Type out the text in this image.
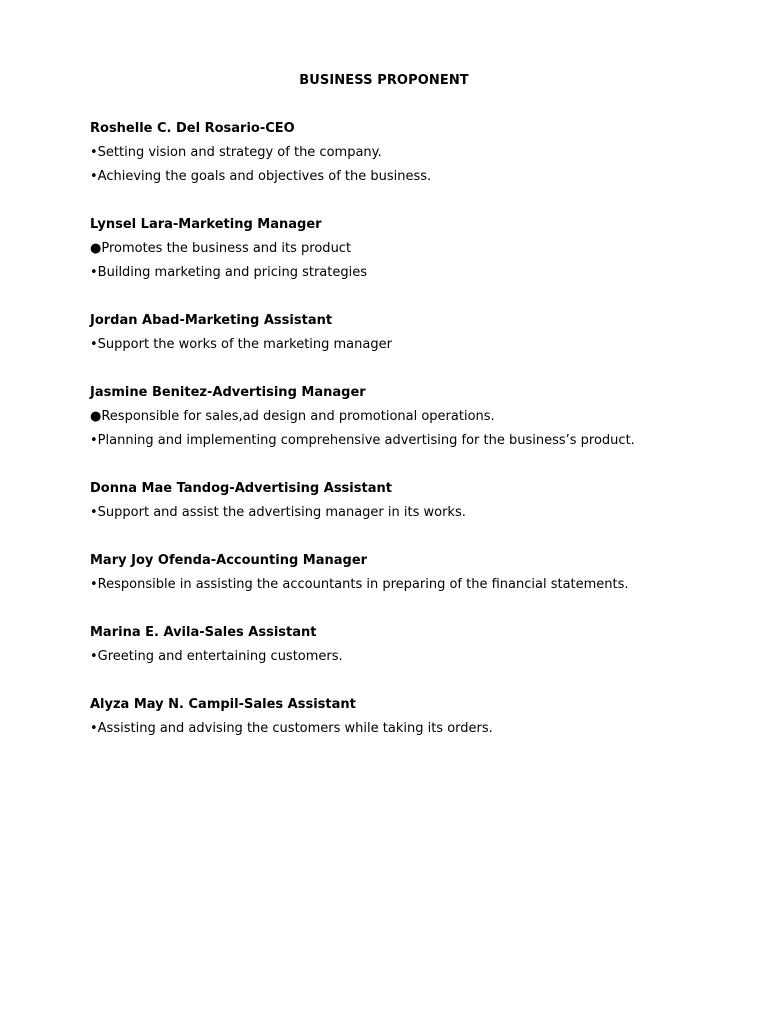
BUSINESS PROPONENT
Roshelle C. Del Rosario-CEO
•Setting vision and strategy of the company.
•Achieving the goals and objectives of the business.
Lynsel Lara-Marketing Manager
●Promotes the business and its product
•Building marketing and pricing strategies
Jordan Abad-Marketing Assistant
•Support the works of the marketing manager
Jasmine Benitez-Advertising Manager
●Responsible for sales,ad design and promotional operations.
•Planning and implementing comprehensive advertising for the business’s product.
Donna Mae Tandog-Advertising Assistant
•Support and assist the advertising manager in its works.
Mary Joy Ofenda-Accounting Manager
•Responsible in assisting the accountants in preparing of the financial statements.
Marina E. Avila-Sales Assistant
•Greeting and entertaining customers.
Alyza May N. Campil-Sales Assistant
•Assisting and advising the customers while taking its orders.
